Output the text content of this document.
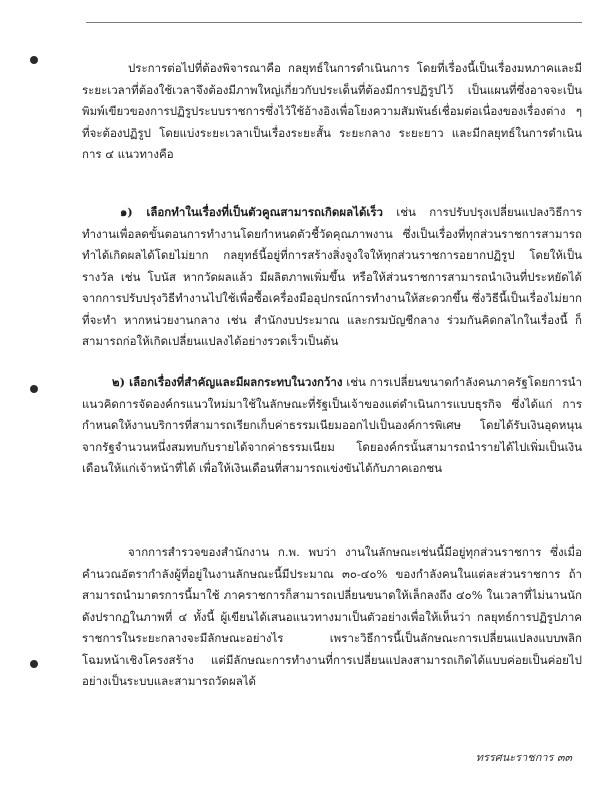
ประการต่อไปที่ต้องพิจารณาคือ กลยุทธ์ในการดำเนินการ โดยที่เรื่องนี้เป็นเรื่องมหภาคและมีระยะเวลาที่ต้องใช้เวลาจึงต้องมีภาพใหญ่เกี่ยวกับประเด็นที่ต้องมีการปฏิรูปไว้ เป็นแผนที่ซึ่งอาจจะเป็นพิมพ์เขียวของการปฏิรูประบบราชการซึ่งไว้ใช้อ้างอิงเพื่อโยงความสัมพันธ์เชื่อมต่อเนื่องของเรื่องต่าง ๆ ที่จะต้องปฏิรูป โดยแบ่งระยะเวลาเป็นเรื่องระยะสั้น ระยะกลาง ระยะยาว และมีกลยุทธ์ในการดำเนินการ ๔ แนวทางคือ

๑) เลือกทำในเรื่องที่เป็นตัวคูณสามารถเกิดผลได้เร็ว เช่น การปรับปรุงเปลี่ยนแปลงวิธีการทำงานเพื่อลดขั้นตอนการทำงานโดยกำหนดตัวชี้วัดคุณภาพงาน ซึ่งเป็นเรื่องที่ทุกส่วนราชการสามารถทำได้เกิดผลได้โดยไม่ยาก กลยุทธ์นี้อยู่ที่การสร้างสิ่งจูงใจให้ทุกส่วนราชการอยากปฏิรูป โดยให้เป็นรางวัล เช่น โบนัส หากวัดผลแล้ว มีผลิตภาพเพิ่มขึ้น หรือให้ส่วนราชการสามารถนำเงินที่ประหยัดได้จากการปรับปรุงวิธีทำงานไปใช้เพื่อซื้อเครื่องมืออุปกรณ์การทำงานให้สะดวกขึ้น ซึ่งวิธีนี้เป็นเรื่องไม่ยากที่จะทำ หากหน่วยงานกลาง เช่น สำนักงบประมาณ และกรมบัญชีกลาง ร่วมกันคิดกลไกในเรื่องนี้ ก็สามารถก่อให้เกิดเปลี่ยนแปลงได้อย่างรวดเร็วเป็นต้น

๒) เลือกเรื่องที่สำคัญและมีผลกระทบในวงกว้าง เช่น การเปลี่ยนขนาดกำลังคนภาครัฐโดยการนำแนวคิดการจัดองค์กรแนวใหม่มาใช้ในลักษณะที่รัฐเป็นเจ้าของแต่ดำเนินการแบบธุรกิจ ซึ่งได้แก่ การกำหนดให้งานบริการที่สามารถเรียกเก็บค่าธรรมเนียมออกไปเป็นองค์การพิเศษ โดยได้รับเงินอุดหนุนจากรัฐจำนวนหนึ่งสมทบกับรายได้จากค่าธรรมเนียม โดยองค์กรนั้นสามารถนำรายได้ไปเพิ่มเป็นเงินเดือนให้แก่เจ้าหน้าที่ได้ เพื่อให้เงินเดือนที่สามารถแข่งขันได้กับภาคเอกชน

จากการสำรวจของสำนักงาน ก.พ. พบว่า งานในลักษณะเช่นนี้มีอยู่ทุกส่วนราชการ ซึ่งเมื่อคำนวณอัตรากำลังผู้ที่อยู่ในงานลักษณะนี้มีประมาณ ๓๐-๔๐% ของกำลังคนในแต่ละส่วนราชการ ถ้าสามารถนำมาตรการนี้มาใช้ ภาคราชการก็สามารถเปลี่ยนขนาดให้เล็กลงถึง ๔๐% ในเวลาที่ไม่นานนักดังปรากฏในภาพที่ ๔ ทั้งนี้ ผู้เขียนได้เสนอแนวทางมาเป็นตัวอย่างเพื่อให้เห็นว่า กลยุทธ์การปฏิรูปภาคราชการในระยะกลางจะมีลักษณะอย่างไร เพราะวิธีการนี้เป็นลักษณะการเปลี่ยนแปลงแบบพลิกโฉมหน้าเชิงโครงสร้าง แต่มีลักษณะการทำงานที่การเปลี่ยนแปลงสามารถเกิดได้แบบค่อยเป็นค่อยไปอย่างเป็นระบบและสามารถวัดผลได้

ทรรศนะราชการ ๓๓
